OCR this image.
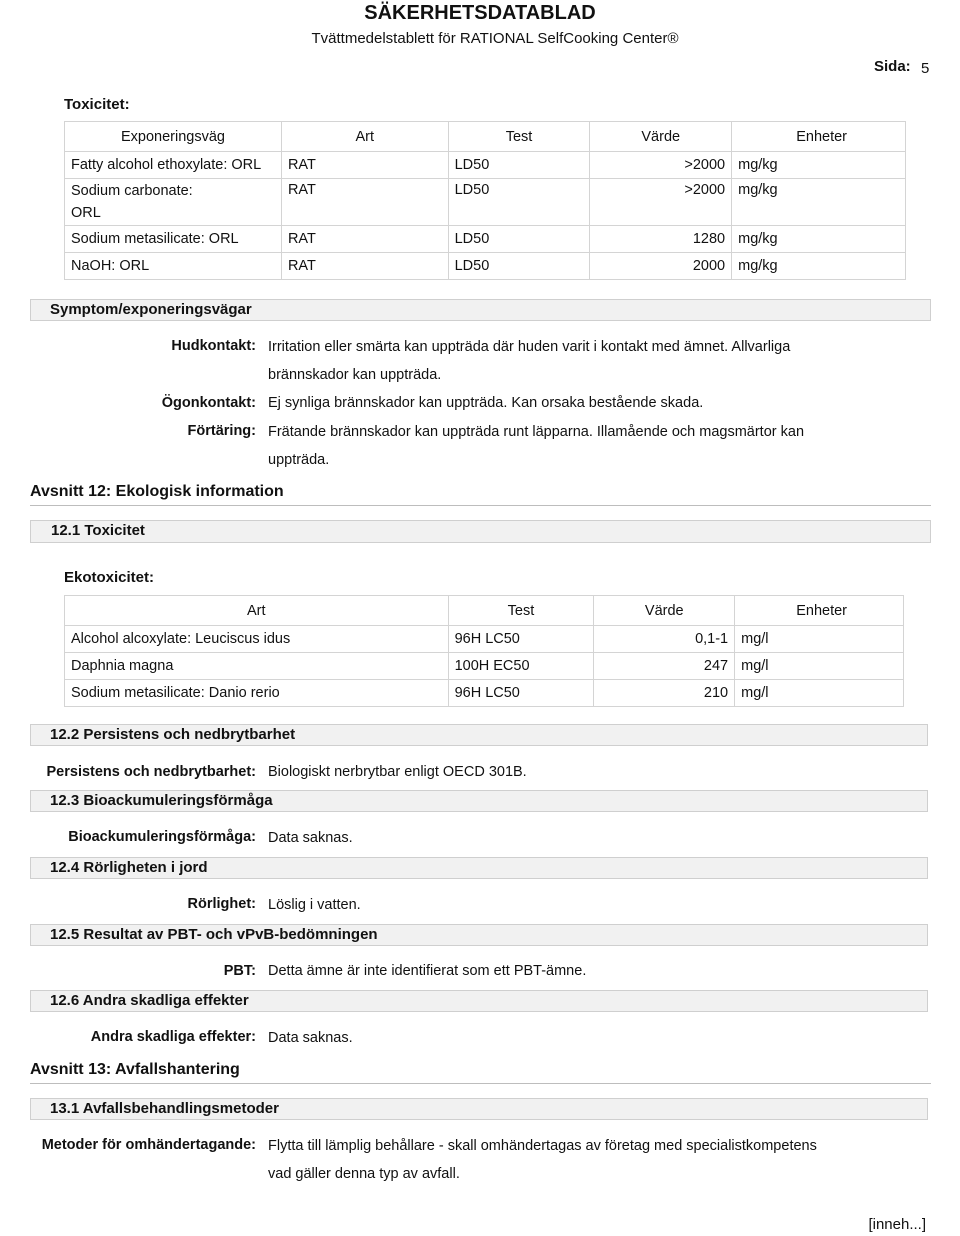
SÄKERHETSDATABLAD
Tvättmedelstablett för RATIONAL SelfCooking Center®
Sida: 5
Toxicitet:
Exponeringsväg	Art	Test	Värde	Enheter
Fatty alcohol ethoxylate: ORL	RAT	LD50	>2000	mg/kg

Sodium carbonate:
ORL	RAT	LD50	>2000	mg/kg
Sodium metasilicate: ORL	RAT	LD50	1280	mg/kg
NaOH: ORL	RAT	LD50	2000	mg/kg
Symptom/exponeringsvägar
Hudkontakt: Irritation eller smärta kan uppträda där huden varit i kontakt med ämnet. Allvarliga
brännskador kan uppträda.
Ögonkontakt: Ej synliga brännskador kan uppträda. Kan orsaka bestående skada.
Förtäring: Frätande brännskador kan uppträda runt läpparna. Illamående och magsmärtor kan
uppträda.
Avsnitt 12: Ekologisk information
12.1 Toxicitet
Ekotoxicitet:
Art	Test	Värde	Enheter
Alcohol alcoxylate: Leuciscus idus	96H LC50	0,1-1	mg/l
Daphnia magna	100H EC50	247	mg/l
Sodium metasilicate: Danio rerio	96H LC50	210	mg/l
12.2 Persistens och nedbrytbarhet
Persistens och nedbrytbarhet: Biologiskt nerbrytbar enligt OECD 301B.
12.3 Bioackumuleringsförmåga
Bioackumuleringsförmåga: Data saknas.
12.4 Rörligheten i jord
Rörlighet: Löslig i vatten.
12.5 Resultat av PBT- och vPvB-bedömningen
PBT: Detta ämne är inte identifierat som ett PBT-ämne.
12.6 Andra skadliga effekter
Andra skadliga effekter: Data saknas.
Avsnitt 13: Avfallshantering
13.1 Avfallsbehandlingsmetoder
Metoder för omhändertagande: Flytta till lämplig behållare - skall omhändertagas av företag med specialistkompetens
vad gäller denna typ av avfall.
[inneh...]
